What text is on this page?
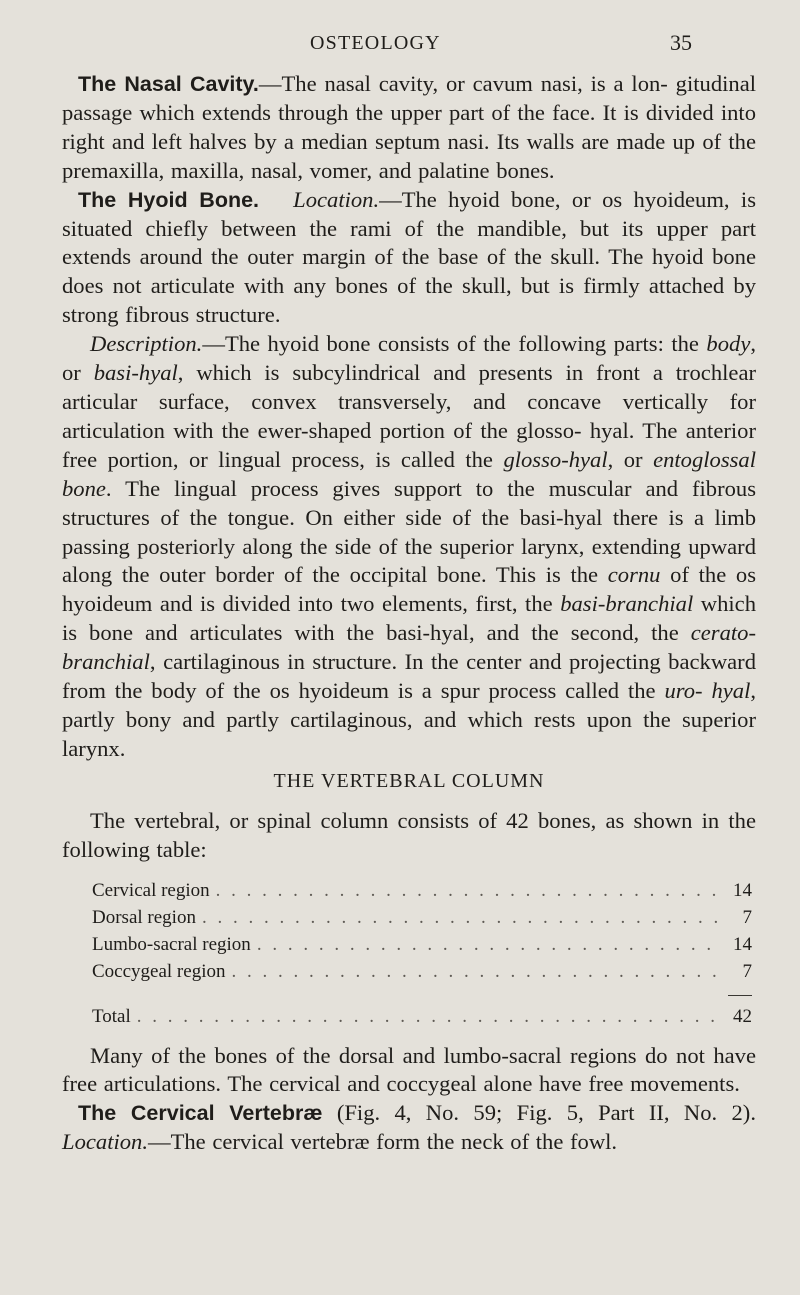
OSTEOLOGY	35

The Nasal Cavity.—The nasal cavity, or cavum nasi, is a lon- gitudinal passage which extends through the upper part of the face. It is divided into right and left halves by a median septum nasi. Its walls are made up of the premaxilla, maxilla, nasal, vomer, and palatine bones.

The Hyoid Bone. Location.—The hyoid bone, or os hyoideum, is situated chiefly between the rami of the mandible, but its upper part extends around the outer margin of the base of the skull. The hyoid bone does not articulate with any bones of the skull, but is firmly attached by strong fibrous structure.

Description.—The hyoid bone consists of the following parts: the body, or basi-hyal, which is subcylindrical and presents in front a trochlear articular surface, convex transversely, and concave vertically for articulation with the ewer-shaped portion of the glosso- hyal. The anterior free portion, or lingual process, is called the glosso-hyal, or entoglossal bone. The lingual process gives support to the muscular and fibrous structures of the tongue. On either side of the basi-hyal there is a limb passing posteriorly along the side of the superior larynx, extending upward along the outer border of the occipital bone. This is the cornu of the os hyoideum and is divided into two elements, first, the basi-branchial which is bone and articulates with the basi-hyal, and the second, the cerato-branchial, cartilaginous in structure. In the center and projecting backward from the body of the os hyoideum is a spur process called the uro- hyal, partly bony and partly cartilaginous, and which rests upon the superior larynx.

THE VERTEBRAL COLUMN

The vertebral, or spinal column consists of 42 bones, as shown in the following table:

Cervical region . . .	14
Dorsal region . . .	7
Lumbo-sacral region . . .	14
Coccygeal region . . .	7
Total . . .	42

Many of the bones of the dorsal and lumbo-sacral regions do not have free articulations. The cervical and coccygeal alone have free movements.

The Cervical Vertebræ (Fig. 4, No. 59; Fig. 5, Part II, No. 2). Location.—The cervical vertebræ form the neck of the fowl.
